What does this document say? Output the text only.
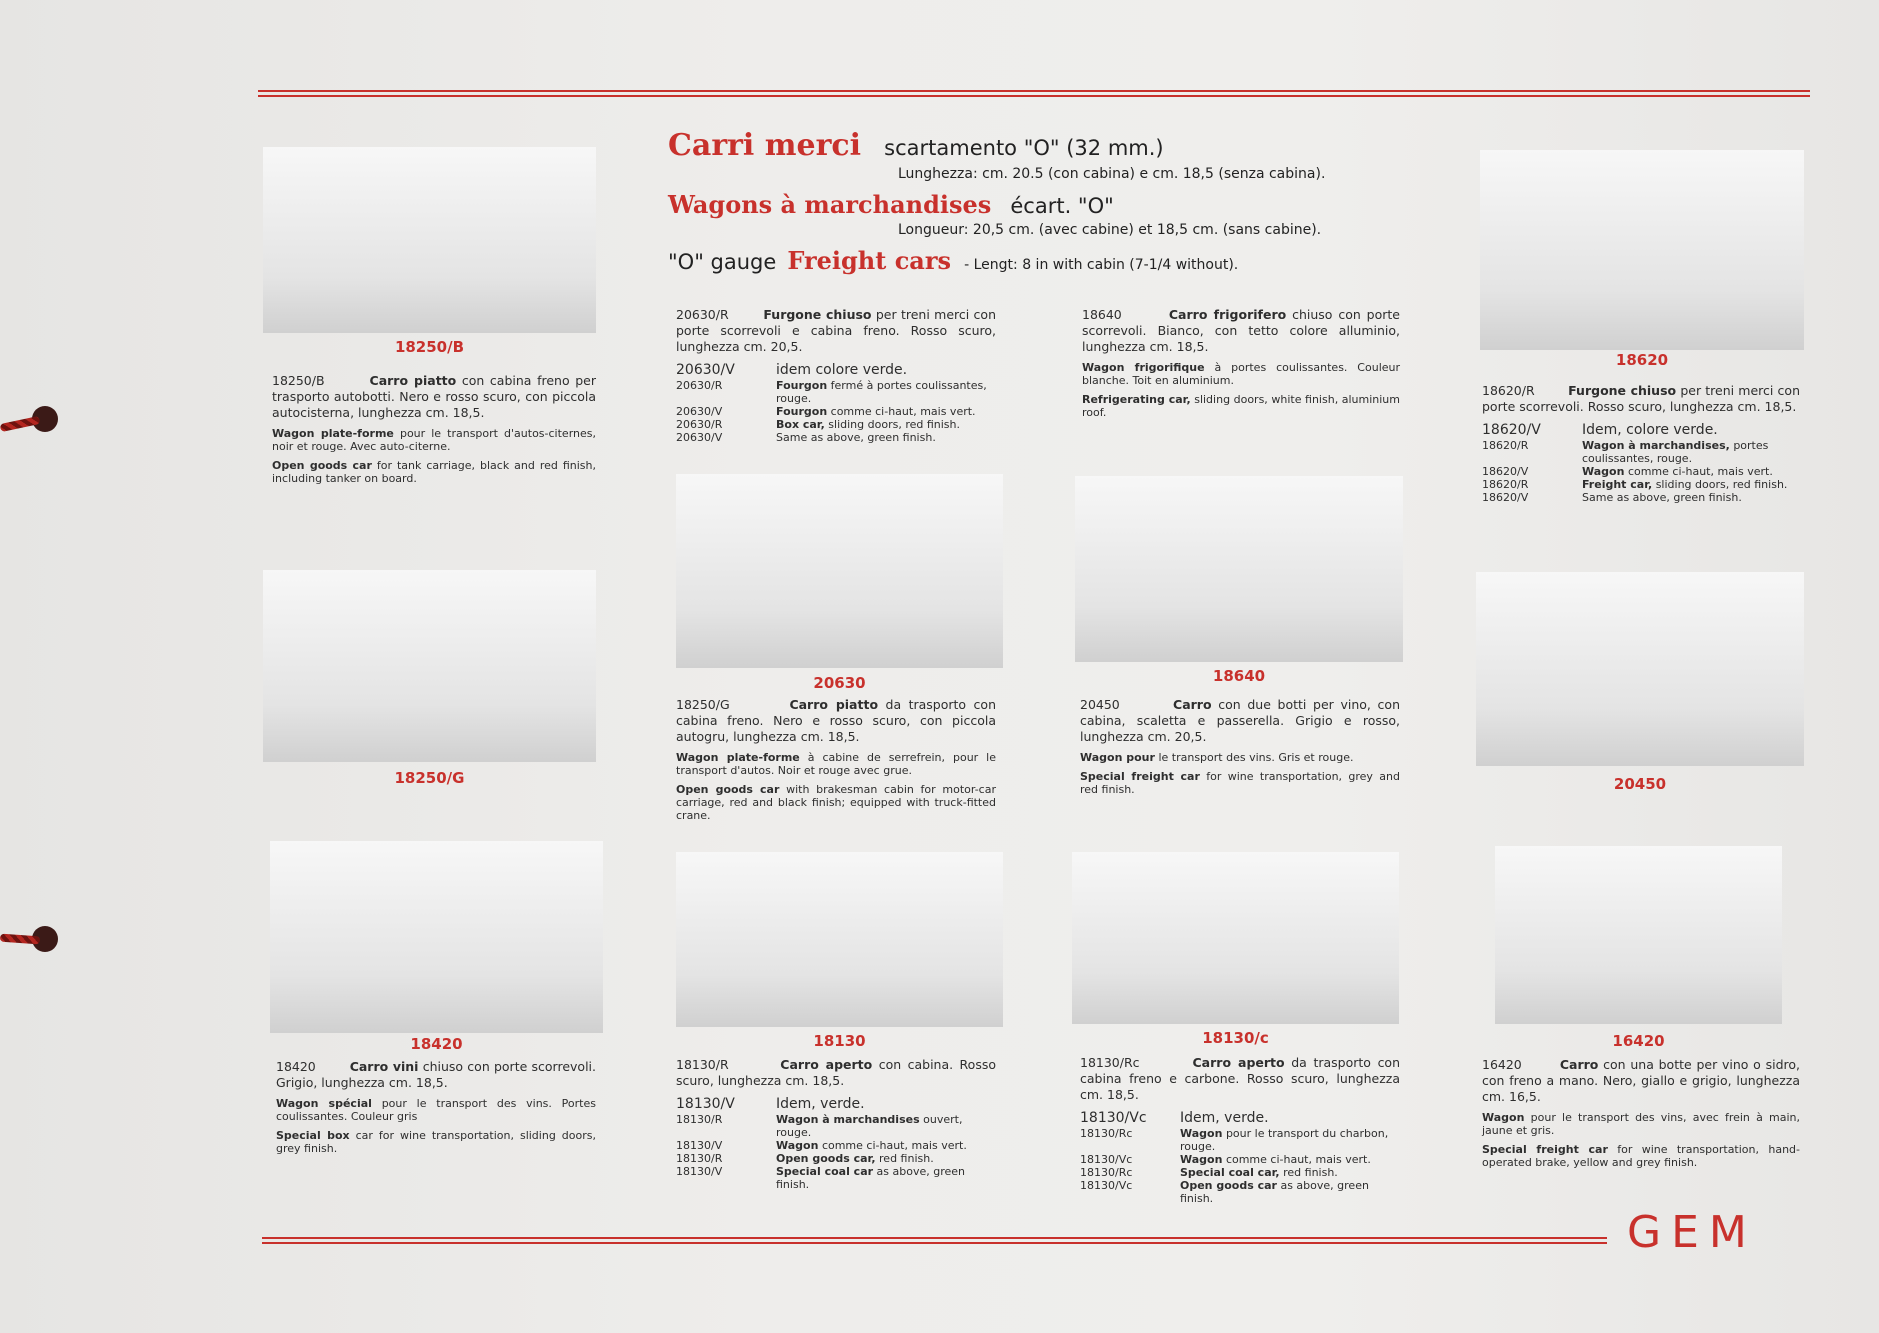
Carri merci scartamento "O" (32 mm.)
Lunghezza: cm. 20.5 (con cabina) e cm. 18,5 (senza cabina).
Wagons à marchandises écart. "O"
Longueur: 20,5 cm. (avec cabine) et 18,5 cm. (sans cabine).
"O" gauge Freight cars - Lengt: 8 in with cabin (7-1/4 without).
18250/B
18250/G
18420
20630	18640
18130	18130/c
18620
20450
16420

18250/B	Carro piatto con cabina freno per trasporto autobotti. Nero e rosso scuro, con piccola autocisterna, lunghezza cm. 18,5.

Wagon plate-forme pour le transport d'autos-citernes, noir et rouge. Avec auto-citerne.

Open goods car for tank carriage, black and red finish, including tanker on board.

20630/R	Furgone chiuso per treni merci con porte scorrevoli e cabina freno. Rosso scuro, lunghezza cm. 20,5.

20630/V	idem colore verde.
20630/R	Fourgon fermé à portes coulissantes, rouge.
20630/V	Fourgon comme ci-haut, mais vert.
20630/R	Box car, sliding doors, red finish.
20630/V	Same as above, green finish.

18640	Carro frigorifero chiuso con porte scorrevoli. Bianco, con tetto colore alluminio, lunghezza cm. 18,5.

Wagon frigorifique à portes coulissantes. Couleur blanche. Toit en aluminium.

Refrigerating car, sliding doors, white finish, aluminium roof.

18620/R	Furgone chiuso per treni merci con porte scorrevoli. Rosso scuro, lunghezza cm. 18,5.

18620/V	Idem, colore verde.
18620/R	Wagon à marchandises, portes coulissantes, rouge.
18620/V	Wagon comme ci-haut, mais vert.
18620/R	Freight car, sliding doors, red finish.
18620/V	Same as above, green finish.

18250/G	Carro piatto da trasporto con cabina freno. Nero e rosso scuro, con piccola autogru, lunghezza cm. 18,5.

Wagon plate-forme à cabine de serrefrein, pour le transport d'autos. Noir et rouge avec grue.

Open goods car with brakesman cabin for motor-car carriage, red and black finish; equipped with truck-fitted crane.

20450	Carro con due botti per vino, con cabina, scaletta e passerella. Grigio e rosso, lunghezza cm. 20,5.

Wagon pour le transport des vins. Gris et rouge.

Special freight car for wine transportation, grey and red finish.

18420	Carro vini chiuso con porte scorrevoli. Grigio, lunghezza cm. 18,5.

Wagon spécial pour le transport des vins. Portes coulissantes. Couleur gris

Special box car for wine transportation, sliding doors, grey finish.

18130/R	Carro aperto con cabina. Rosso scuro, lunghezza cm. 18,5.

18130/V	Idem, verde.
18130/R	Wagon à marchandises ouvert, rouge.
18130/V	Wagon comme ci-haut, mais vert.
18130/R	Open goods car, red finish.
18130/V	Special coal car as above, green finish.

18130/Rc	Carro aperto da trasporto con cabina freno e carbone. Rosso scuro, lunghezza cm. 18,5.

18130/Vc	Idem, verde.
18130/Rc	Wagon pour le transport du charbon, rouge.
18130/Vc	Wagon comme ci-haut, mais vert.
18130/Rc	Special coal car, red finish.
18130/Vc	Open goods car as above, green finish.

16420	Carro con una botte per vino o sidro, con freno a mano. Nero, giallo e grigio, lunghezza cm. 16,5.

Wagon pour le transport des vins, avec frein à main, jaune et gris.

Special freight car for wine transportation, hand-operated brake, yellow and grey finish.

GEM
